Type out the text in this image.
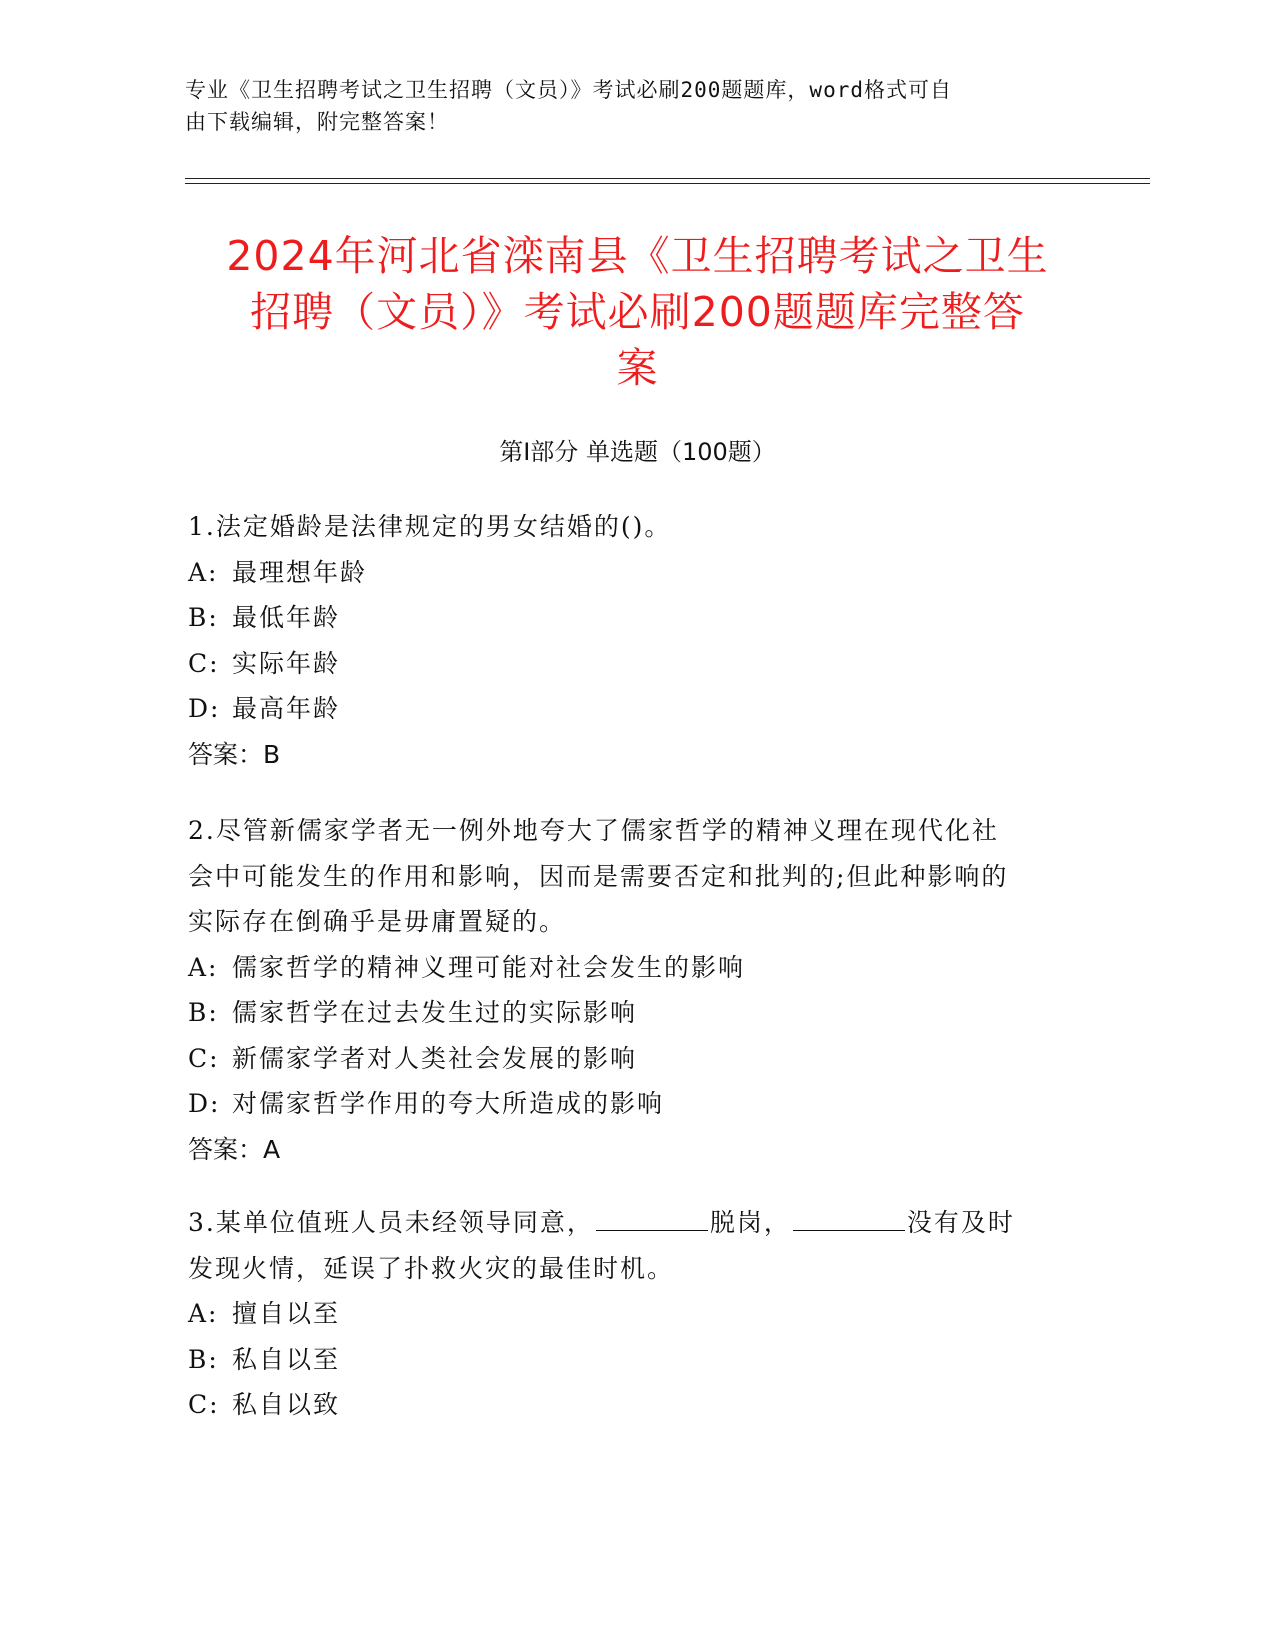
专业《卫生招聘考试之卫生招聘（文员）》考试必刷200题题库，word格式可自
由下载编辑，附完整答案！
2024年河北省滦南县《卫生招聘考试之卫生
招聘（文员）》考试必刷200题题库完整答
案
第Ⅰ部分 单选题（100题）

1.法定婚龄是法律规定的男女结婚的()。

A: 最理想年龄

B: 最低年龄

C: 实际年龄

D: 最高年龄

答案：B

2.尽管新儒家学者无一例外地夸大了儒家哲学的精神义理在现代化社

会中可能发生的作用和影响，因而是需要否定和批判的;但此种影响的

实际存在倒确乎是毋庸置疑的。

A: 儒家哲学的精神义理可能对社会发生的影响

B: 儒家哲学在过去发生过的实际影响

C: 新儒家学者对人类社会发展的影响

D: 对儒家哲学作用的夸大所造成的影响

答案：A

3.某单位值班人员未经领导同意，	脱岗，	没有及时

发现火情，延误了扑救火灾的最佳时机。

A: 擅自以至

B: 私自以至

C: 私自以致
